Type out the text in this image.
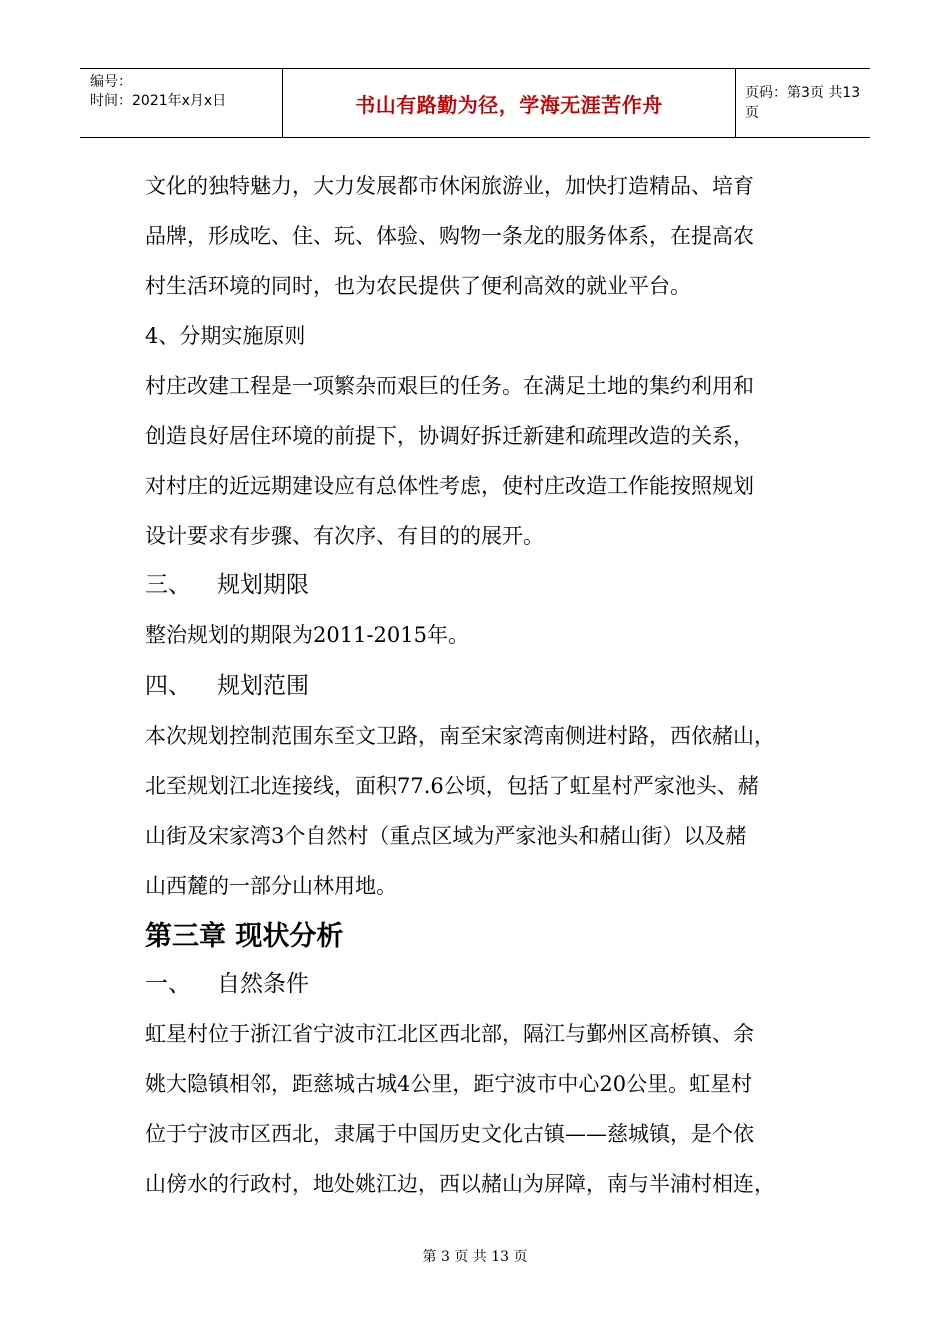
编号：
时间：2021年x月x日	书山有路勤为径，学海无涯苦作舟	页码：第3页 共13页
文化的独特魅力，大力发展都市休闲旅游业，加快打造精品、培育
品牌，形成吃、住、玩、体验、购物一条龙的服务体系，在提高农
村生活环境的同时，也为农民提供了便利高效的就业平台。
4、分期实施原则
村庄改建工程是一项繁杂而艰巨的任务。在满足土地的集约利用和
创造良好居住环境的前提下，协调好拆迁新建和疏理改造的关系，
对村庄的近远期建设应有总体性考虑，使村庄改造工作能按照规划
设计要求有步骤、有次序、有目的的展开。
三、 规划期限
整治规划的期限为2011-2015年。
四、 规划范围
本次规划控制范围东至文卫路，南至宋家湾南侧进村路，西依赭山，
北至规划江北连接线，面积77.6公顷，包括了虹星村严家池头、赭
山街及宋家湾3个自然村（重点区域为严家池头和赭山街）以及赭
山西麓的一部分山林用地。
第三章 现状分析
一、 自然条件
虹星村位于浙江省宁波市江北区西北部，隔江与鄞州区高桥镇、余
姚大隐镇相邻，距慈城古城4公里，距宁波市中心20公里。虹星村
位于宁波市区西北，隶属于中国历史文化古镇——慈城镇，是个依
山傍水的行政村，地处姚江边，西以赭山为屏障，南与半浦村相连，
第 3 页 共 13 页
